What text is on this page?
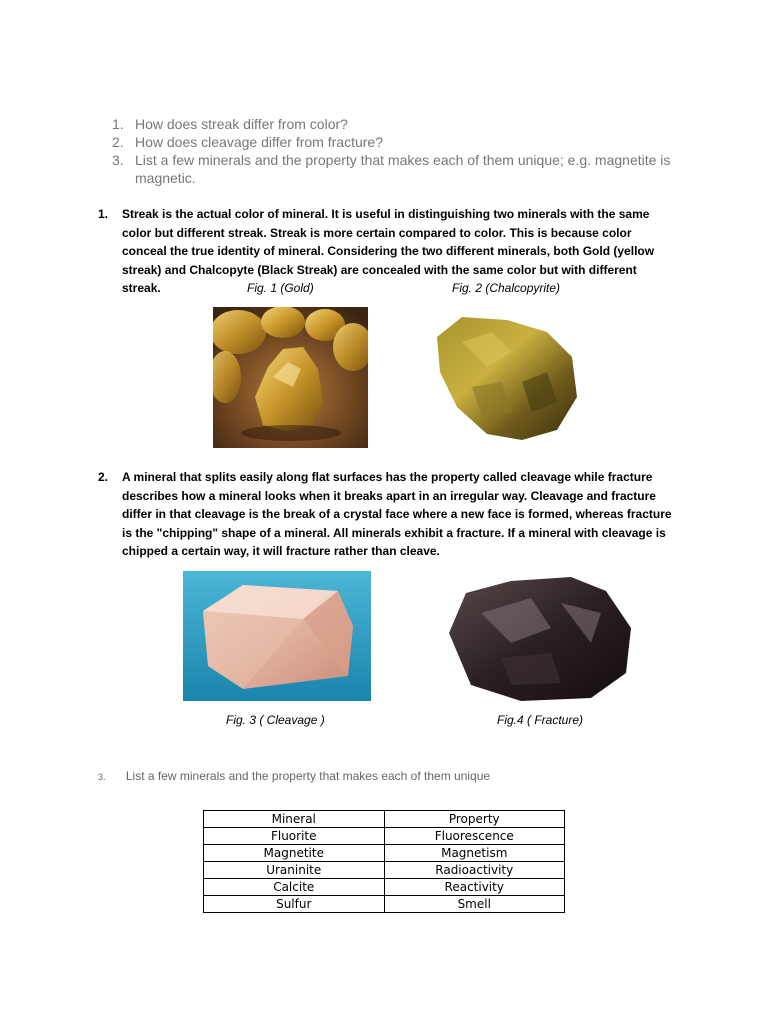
1. How does streak differ from color?
2. How does cleavage differ from fracture?
3. List a few minerals and the property that makes each of them unique; e.g. magnetite is magnetic.
1. Streak is the actual color of mineral. It is useful in distinguishing two minerals with the same color but different streak. Streak is more certain compared to color. This is because color conceal the true identity of mineral. Considering the two different minerals, both Gold (yellow streak) and Chalcopyte (Black Streak) are concealed with the same color but with different streak.	Fig. 1 (Gold)	Fig. 2 (Chalcopyrite)
2. A mineral that splits easily along flat surfaces has the property called cleavage while fracture describes how a mineral looks when it breaks apart in an irregular way. Cleavage and fracture differ in that cleavage is the break of a crystal face where a new face is formed, whereas fracture is the "chipping" shape of a mineral. All minerals exhibit a fracture. If a mineral with cleavage is chipped a certain way, it will fracture rather than cleave.
Fig. 3 ( Cleavage )	Fig.4 ( Fracture)
3. List a few minerals and the property that makes each of them unique
Mineral	Property
Fluorite	Fluorescence
Magnetite	Magnetism
Uraninite	Radioactivity
Calcite	Reactivity
Sulfur	Smell
